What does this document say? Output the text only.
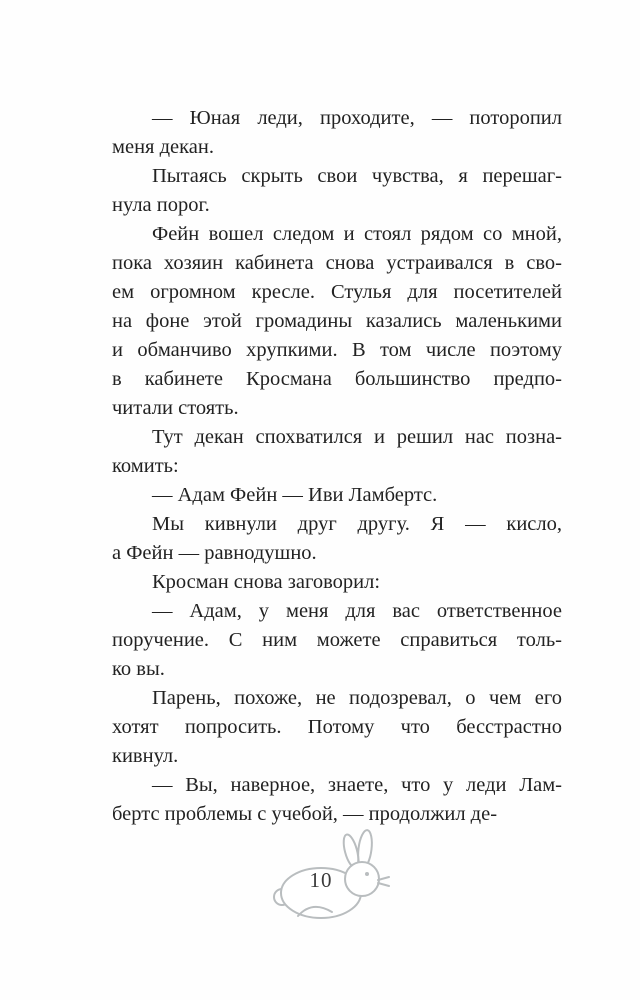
— Юная леди, проходите, — поторопил
меня декан.

Пытаясь скрыть свои чувства, я перешаг-
нула порог.

Фейн вошел следом и стоял рядом со мной,
пока хозяин кабинета снова устраивался в сво-
ем огромном кресле. Стулья для посетителей
на фоне этой громадины казались маленькими
и обманчиво хрупкими. В том числе поэтому
в кабинете Кросмана большинство предпо-
читали стоять.

Тут декан спохватился и решил нас позна-
комить:

— Адам Фейн — Иви Ламбертс.

Мы кивнули друг другу. Я — кисло,
а Фейн — равнодушно.

Кросман снова заговорил:

— Адам, у меня для вас ответственное
поручение. С ним можете справиться толь-
ко вы.

Парень, похоже, не подозревал, о чем его
хотят попросить. Потому что бесстрастно
кивнул.

— Вы, наверное, знаете, что у леди Лам-
бертс проблемы с учебой, — продолжил де-

10
